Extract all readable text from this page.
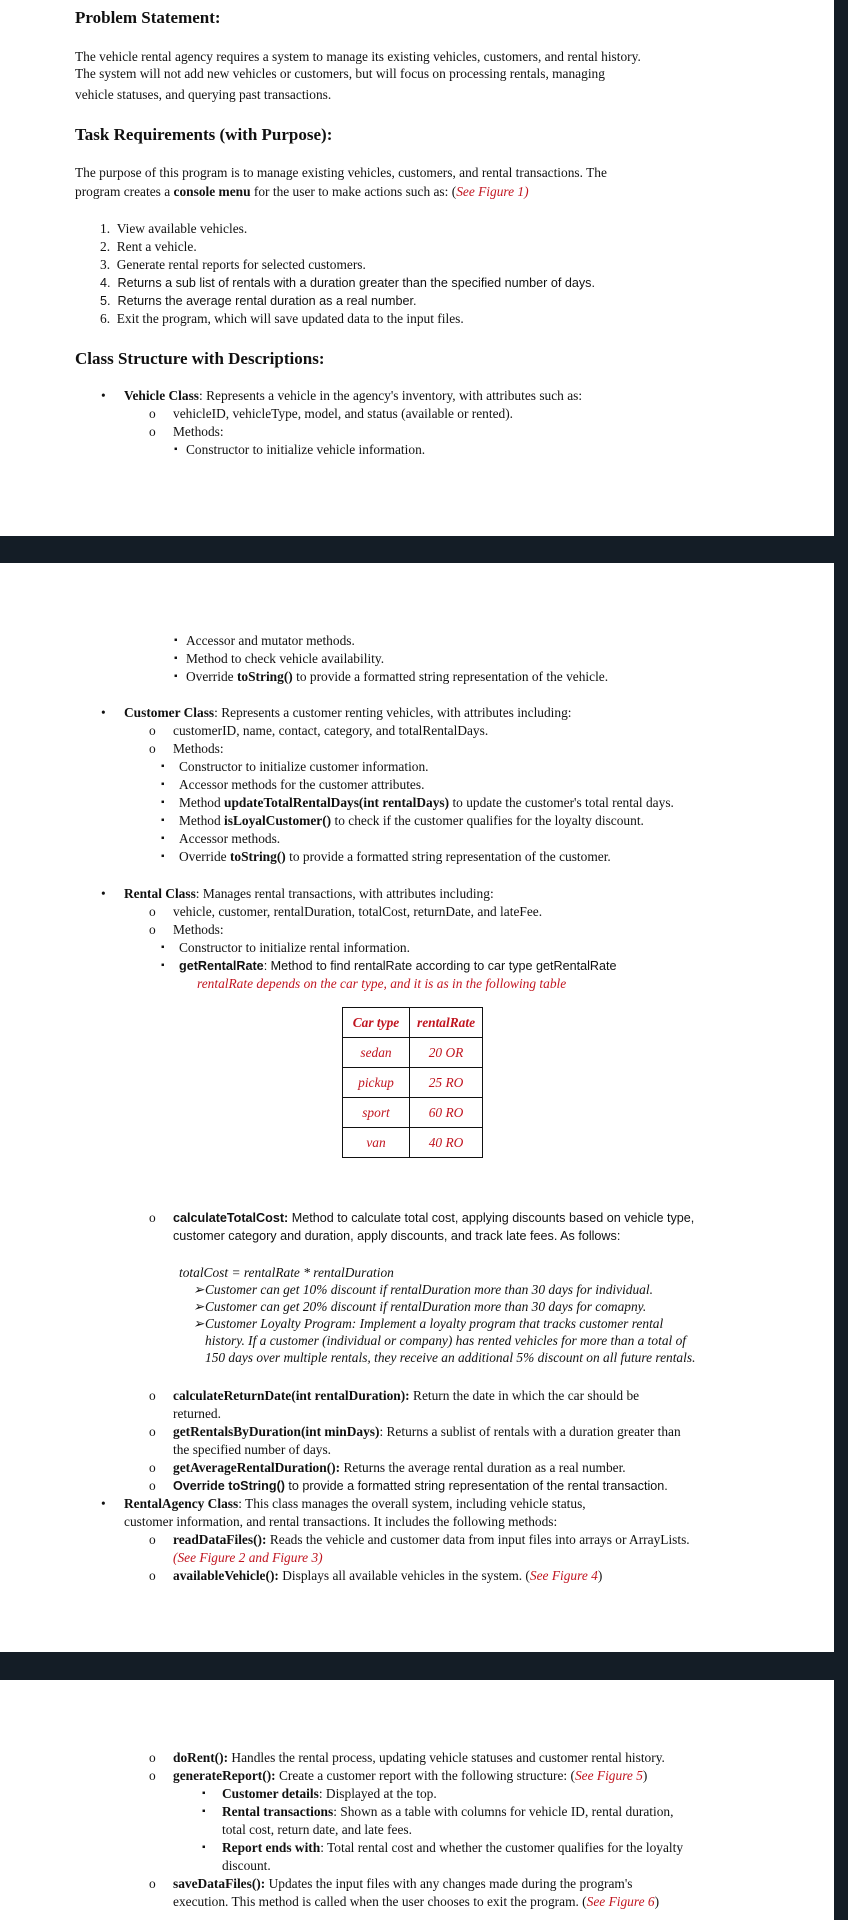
Problem Statement:

The vehicle rental agency requires a system to manage its existing vehicles, customers, and rental history.

The system will not add new vehicles or customers, but will focus on processing rentals, managing

vehicle statuses, and querying past transactions.

Task Requirements (with Purpose):

The purpose of this program is to manage existing vehicles, customers, and rental transactions. The

program creates a console menu for the user to make actions such as: (See Figure 1)

1. View available vehicles.

2. Rent a vehicle.

3. Generate rental reports for selected customers.

4. Returns a sub list of rentals with a duration greater than the specified number of days.

5. Returns the average rental duration as a real number.

6. Exit the program, which will save updated data to the input files.

Class Structure with Descriptions:
• Vehicle Class: Represents a vehicle in the agency's inventory, with attributes such as:

o vehicleID, vehicleType, model, and status (available or rented).

o Methods:

▪ Constructor to initialize vehicle information.

▪ Accessor and mutator methods.

▪ Method to check vehicle availability.

▪ Override toString() to provide a formatted string representation of the vehicle.

• Customer Class: Represents a customer renting vehicles, with attributes including:

o customerID, name, contact, category, and totalRentalDays.

o Methods:

▪ Constructor to initialize customer information.

▪ Accessor methods for the customer attributes.

▪ Method updateTotalRentalDays(int rentalDays) to update the customer's total rental days.

▪ Method isLoyalCustomer() to check if the customer qualifies for the loyalty discount.

▪ Accessor methods.

▪ Override toString() to provide a formatted string representation of the customer.

• Rental Class: Manages rental transactions, with attributes including:

o vehicle, customer, rentalDuration, totalCost, returnDate, and lateFee.

o Methods:

▪ Constructor to initialize rental information.

▪ getRentalRate: Method to find rentalRate according to car type getRentalRate

rentalRate depends on the car type, and it is as in the following table

Car type	rentalRate
sedan	20 OR
pickup	25 RO
sport	60 RO
van	40 RO
o calculateTotalCost: Method to calculate total cost, applying discounts based on vehicle type,

customer category and duration, apply discounts, and track late fees. As follows:

totalCost = rentalRate * rentalDuration

➢ Customer can get 10% discount if rentalDuration more than 30 days for individual.

➢ Customer can get 20% discount if rentalDuration more than 30 days for comapny.

➢ Customer Loyalty Program: Implement a loyalty program that tracks customer rental

history. If a customer (individual or company) has rented vehicles for more than a total of

150 days over multiple rentals, they receive an additional 5% discount on all future rentals.

o calculateReturnDate(int rentalDuration): Return the date in which the car should be

returned.

o getRentalsByDuration(int minDays): Returns a sublist of rentals with a duration greater than

the specified number of days.

o getAverageRentalDuration(): Returns the average rental duration as a real number.

o Override toString() to provide a formatted string representation of the rental transaction.

• RentalAgency Class: This class manages the overall system, including vehicle status,

customer information, and rental transactions. It includes the following methods:

o readDataFiles(): Reads the vehicle and customer data from input files into arrays or ArrayLists.

(See Figure 2 and Figure 3)

o availableVehicle(): Displays all available vehicles in the system. (See Figure 4)

o doRent(): Handles the rental process, updating vehicle statuses and customer rental history.

o generateReport(): Create a customer report with the following structure: (See Figure 5)

▪ Customer details: Displayed at the top.

▪ Rental transactions: Shown as a table with columns for vehicle ID, rental duration,

total cost, return date, and late fees.

▪ Report ends with: Total rental cost and whether the customer qualifies for the loyalty

discount.

o saveDataFiles(): Updates the input files with any changes made during the program's

execution. This method is called when the user chooses to exit the program. (See Figure 6)
